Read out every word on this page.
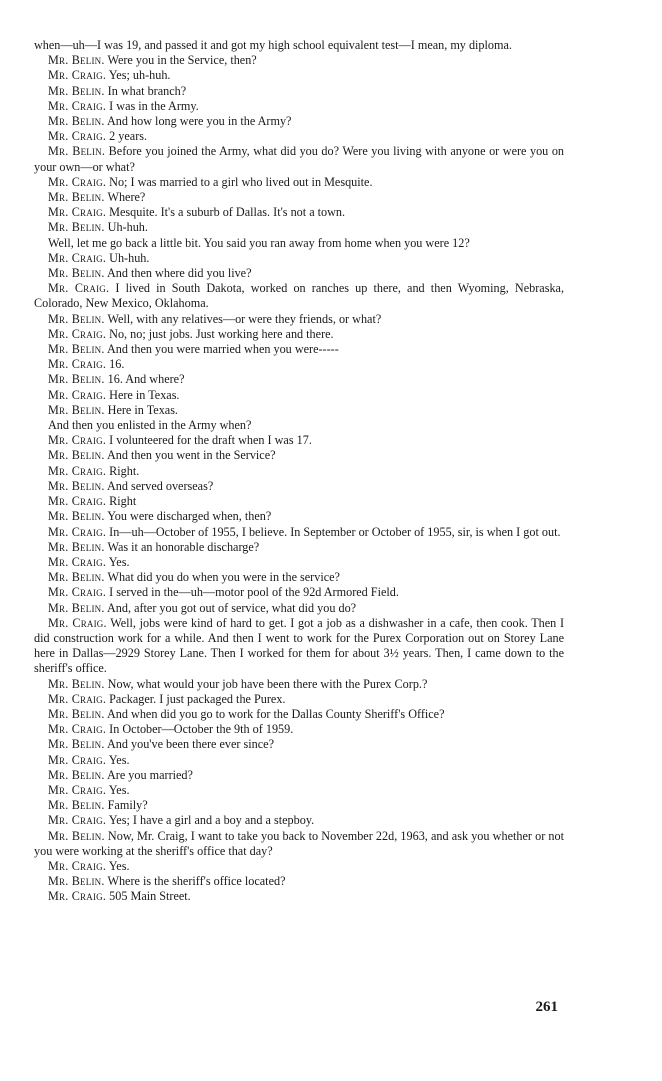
when—uh—I was 19, and passed it and got my high school equivalent test—I mean, my diploma.

Mr. Belin. Were you in the Service, then?

Mr. Craig. Yes; uh-huh.

Mr. Belin. In what branch?

Mr. Craig. I was in the Army.

Mr. Belin. And how long were you in the Army?

Mr. Craig. 2 years.

Mr. Belin. Before you joined the Army, what did you do? Were you living with anyone or were you on your own—or what?

Mr. Craig. No; I was married to a girl who lived out in Mesquite.

Mr. Belin. Where?

Mr. Craig. Mesquite. It's a suburb of Dallas. It's not a town.

Mr. Belin. Uh-huh.

Well, let me go back a little bit. You said you ran away from home when you were 12?

Mr. Craig. Uh-huh.

Mr. Belin. And then where did you live?

Mr. Craig. I lived in South Dakota, worked on ranches up there, and then Wyoming, Nebraska, Colorado, New Mexico, Oklahoma.

Mr. Belin. Well, with any relatives—or were they friends, or what?

Mr. Craig. No, no; just jobs. Just working here and there.

Mr. Belin. And then you were married when you were-----

Mr. Craig. 16.

Mr. Belin. 16. And where?

Mr. Craig. Here in Texas.

Mr. Belin. Here in Texas.

And then you enlisted in the Army when?

Mr. Craig. I volunteered for the draft when I was 17.

Mr. Belin. And then you went in the Service?

Mr. Craig. Right.

Mr. Belin. And served overseas?

Mr. Craig. Right

Mr. Belin. You were discharged when, then?

Mr. Craig. In—uh—October of 1955, I believe. In September or October of 1955, sir, is when I got out.

Mr. Belin. Was it an honorable discharge?

Mr. Craig. Yes.

Mr. Belin. What did you do when you were in the service?

Mr. Craig. I served in the—uh—motor pool of the 92d Armored Field.

Mr. Belin. And, after you got out of service, what did you do?

Mr. Craig. Well, jobs were kind of hard to get. I got a job as a dishwasher in a cafe, then cook. Then I did construction work for a while. And then I went to work for the Purex Corporation out on Storey Lane here in Dallas—2929 Storey Lane. Then I worked for them for about 3½ years. Then, I came down to the sheriff's office.

Mr. Belin. Now, what would your job have been there with the Purex Corp.?

Mr. Craig. Packager. I just packaged the Purex.

Mr. Belin. And when did you go to work for the Dallas County Sheriff's Office?

Mr. Craig. In October—October the 9th of 1959.

Mr. Belin. And you've been there ever since?

Mr. Craig. Yes.

Mr. Belin. Are you married?

Mr. Craig. Yes.

Mr. Belin. Family?

Mr. Craig. Yes; I have a girl and a boy and a stepboy.

Mr. Belin. Now, Mr. Craig, I want to take you back to November 22d, 1963, and ask you whether or not you were working at the sheriff's office that day?

Mr. Craig. Yes.

Mr. Belin. Where is the sheriff's office located?

Mr. Craig. 505 Main Street.

261
